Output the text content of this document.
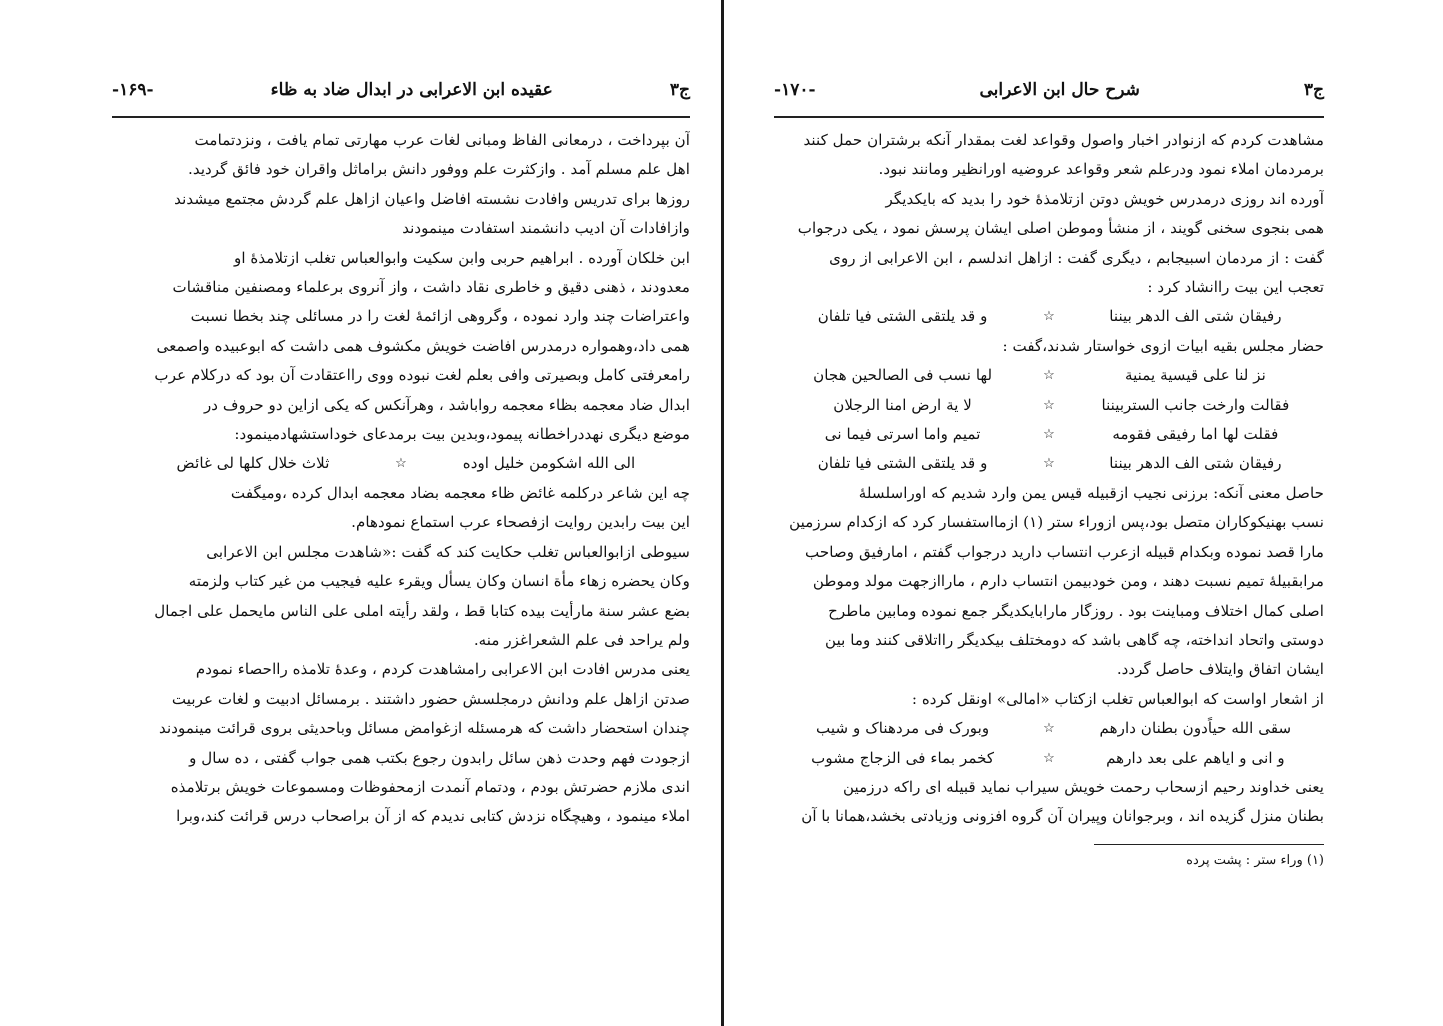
ج۳
عقیده ابن الاعرابی در ابدال ضاد به ظاء
-۱۶۹-

آن بپرداخت ، درمعانی الفاظ ومبانی لغات عرب مهارتی تمام یافت ، ونزدتمامت

اهل علم مسلم آمد . وازکثرت علم ووفور دانش براماثل واقران خود فائق گردید.

روزها برای تدریس وافادت نشسته افاضل واعیان ازاهل علم گردش مجتمع میشدند

وازافادات آن ادیب دانشمند استفادت مینمودند

ابن خلکان آورده . ابراهیم حربی وابن سکیت وابوالعباس تغلب ازتلامذهٔ او

معدودند ، ذهنی دقیق و خاطری نقاد داشت ، واز آنروی برعلماء ومصنفین مناقشات

واعتراضات چند وارد نموده ، وگروهی ازائمهٔ لغت را در مسائلی چند بخطا نسبت

همی داد،وهمواره درمدرس افاضت خویش مکشوف همی داشت که ابوعبیده واصمعی

رامعرفتی کامل وبصیرتی وافی بعلم لغت نبوده ووی رااعتقادت آن بود که درکلام عرب

ابدال ضاد معجمه بظاء معجمه رواباشد ، وهرآنکس که یکی ازاین دو حروف در

موضع دیگری نهددراخطانه پیمود،وبدین بیت برمدعای خوداستشهادمینمود:

الی الله اشکومن خلیل اوده
☆
ثلاث خلال کلها لی غائض

چه این شاعر درکلمه غائض ظاء معجمه بضاد معجمه ابدال کرده ،ومیگفت

این بیت رابدین روایت ازفصحاء عرب استماع نمودهام.

سیوطی ازابوالعباس تغلب حکایت کند که گفت :«شاهدت مجلس ابن الاعرابی

وکان یحضره زهاء مأة انسان وکان یسأل ویقرء علیه فیجیب من غیر کتاب ولزمته

بضع عشر سنة مارأیت بیده کتابا قط ، ولقد رأیته املی علی الناس مایحمل علی اجمال

ولم یراحد فی علم الشعراغزر منه.

یعنی مدرس افادت ابن الاعرابی رامشاهدت کردم ، وعدهٔ تلامذه رااحصاء نمودم

صدتن ازاهل علم ودانش درمجلسش حضور داشتند . برمسائل ادبیت و لغات عربیت

چندان استحضار داشت که هرمسئله ازغوامض مسائل وباحدیثی بروی قرائت مینمودند

ازجودت فهم وحدت ذهن سائل رابدون رجوع بکتب همی جواب گفتی ، ده سال و

اندی ملازم حضرتش بودم ، ودتمام آنمدت ازمحفوظات ومسموعات خویش برتلامذه

املاء مینمود ، وهیچگاه نزدش کتابی ندیدم که از آن براصحاب درس قرائت کند،وبرا

ج۳
شرح حال ابن الاعرابی
-۱۷۰-

مشاهدت کردم که ازنوادر اخبار واصول وقواعد لغت بمقدار آنکه برشتران حمل کنند

برمردمان املاء نمود ودرعلم شعر وقواعد عروضیه اورانظیر ومانند نبود.

آورده اند روزی درمدرس خویش دوتن ازتلامذهٔ خود را بدید که بایکدیگر

همی بنجوی سخنی گویند ، از منشأ وموطن اصلی ایشان پرسش نمود ، یکی درجواب

گفت : از مردمان اسبیجابم ، دیگری گفت : ازاهل اندلسم ، ابن الاعرابی از روی

تعجب این بیت راانشاد کرد :

رفیقان شتی الف الدهر بیننا
☆
و قد یلتقی الشتی فیا تلفان

حضار مجلس بقیه ابیات ازوی خواستار شدند،گفت :

نز لنا علی قیسیة یمنیة
☆
لها نسب فی الصالحین هجان
فقالت وارخت جانب الستربیننا
☆
لا یة ارض امنا الرجلان
فقلت لها اما رفیقی فقومه
☆
تمیم واما اسرتی فیما نی
رفیقان شتی الف الدهر بیننا
☆
و قد یلتقی الشتی فیا تلفان

حاصل معنی آنکه: برزنی نجیب ازقبیله قیس یمن وارد شدیم که اوراسلسلهٔ

نسب بهنیکوکاران متصل بود،پس ازوراء ستر (۱) ازمااستفسار کرد که ازکدام سرزمین

مارا قصد نموده وبکدام قبیله ازعرب انتساب دارید درجواب گفتم ، امارفیق وصاحب

مرابقبیلهٔ تمیم نسبت دهند ، ومن خودبیمن انتساب دارم ، ماراازجهت مولد وموطن

اصلی کمال اختلاف ومباینت بود . روزگار مارابایکدیگر جمع نموده ومابین ماطرح

دوستی واتحاد انداخته، چه گاهی باشد که دومختلف بیکدیگر رااتلاقی کنند وما بین

ایشان اتفاق وایتلاف حاصل گردد.

از اشعار اواست که ابوالعباس تغلب ازکتاب «امالی» اونقل کرده :

سقی الله حیاًدون بطنان دارهم
☆
وبورک فی مردهناک و شیب
و انی و ایاهم علی بعد دارهم
☆
کخمر بماء فی الزجاج مشوب

یعنی خداوند رحیم ازسحاب رحمت خویش سیراب نماید قبیله ای راکه درزمین

بطنان منزل گزیده اند ، وبرجوانان وپیران آن گروه افزونی وزیادتی بخشد،همانا با آن

(۱) وراء ستر : پشت پرده
